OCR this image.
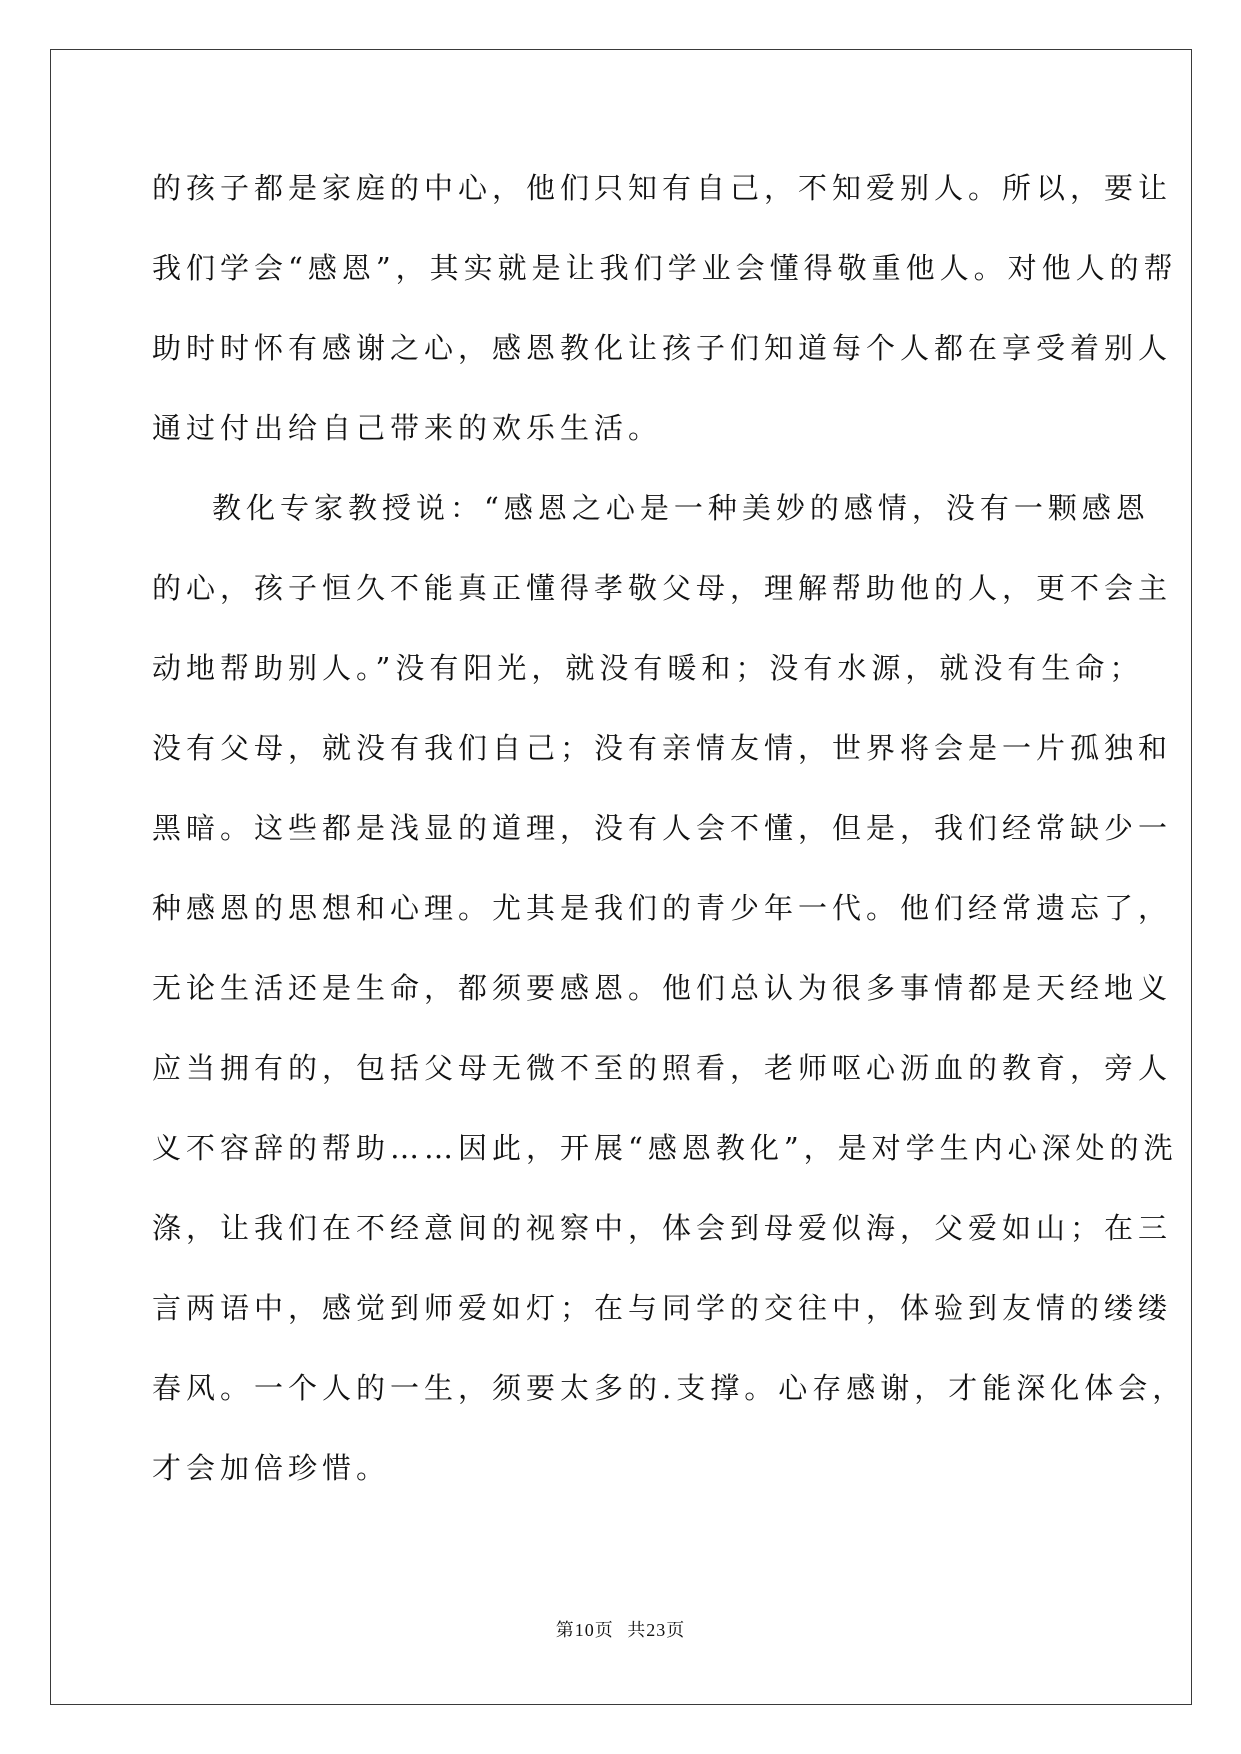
的孩子都是家庭的中心，他们只知有自己，不知爱别人。所以，要让
我们学会“感恩”，其实就是让我们学业会懂得敬重他人。对他人的帮
助时时怀有感谢之心，感恩教化让孩子们知道每个人都在享受着别人
通过付出给自己带来的欢乐生活。
教化专家教授说：“感恩之心是一种美妙的感情，没有一颗感恩
的心，孩子恒久不能真正懂得孝敬父母，理解帮助他的人，更不会主
动地帮助别人。”没有阳光，就没有暖和；没有水源，就没有生命；
没有父母，就没有我们自己；没有亲情友情，世界将会是一片孤独和
黑暗。这些都是浅显的道理，没有人会不懂，但是，我们经常缺少一
种感恩的思想和心理。尤其是我们的青少年一代。他们经常遗忘了，
无论生活还是生命，都须要感恩。他们总认为很多事情都是天经地义
应当拥有的，包括父母无微不至的照看，老师呕心沥血的教育，旁人
义不容辞的帮助……因此，开展“感恩教化”，是对学生内心深处的洗
涤，让我们在不经意间的视察中，体会到母爱似海，父爱如山；在三
言两语中，感觉到师爱如灯；在与同学的交往中，体验到友情的缕缕
春风。一个人的一生，须要太多的.支撑。心存感谢，才能深化体会，
才会加倍珍惜。
第10页 共23页
